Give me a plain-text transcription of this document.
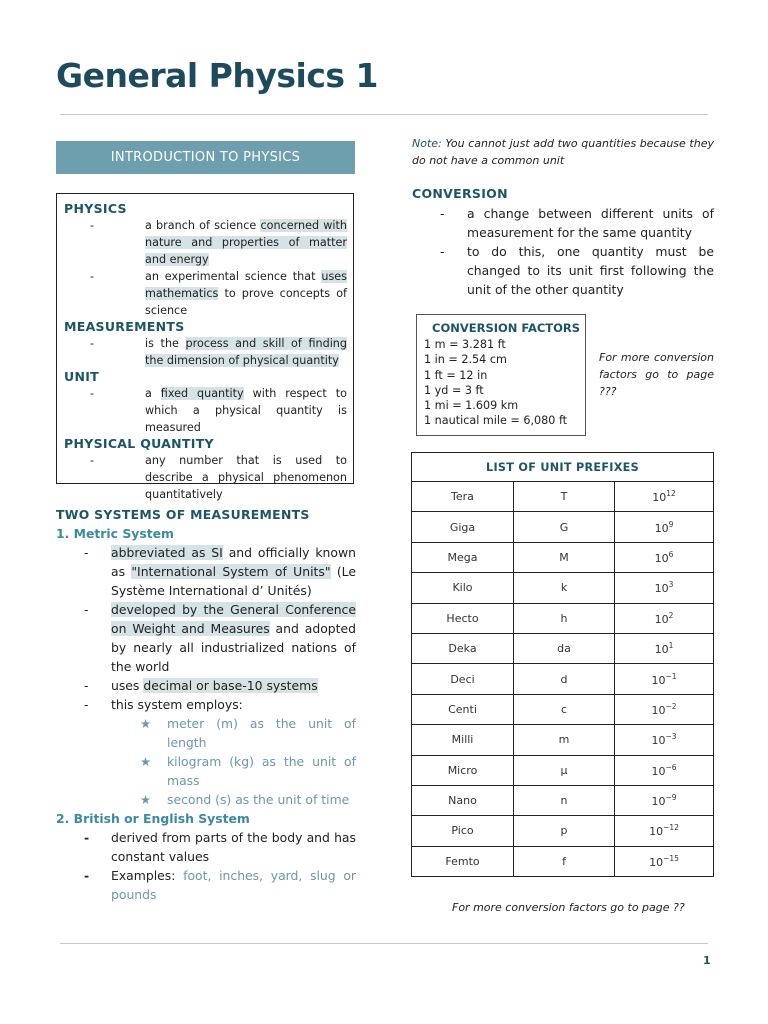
General Physics 1
INTRODUCTION TO PHYSICS
PHYSICS
-	a branch of science concerned with nature and properties of matter and energy
-	an experimental science that uses mathematics to prove concepts of science
MEASUREMENTS
-	is the process and skill of finding the dimension of physical quantity
UNIT
-	a fixed quantity with respect to which a physical quantity is measured
PHYSICAL QUANTITY
-	any number that is used to describe a physical phenomenon quantitatively
TWO SYSTEMS OF MEASUREMENTS
1. Metric System
-	abbreviated as SI and officially known as "International System of Units" (Le Système International d’ Unités)
-	developed by the General Conference on Weight and Measures and adopted by nearly all industrialized nations of the world
-	uses decimal or base-10 systems
-	this system employs:
★	meter (m) as the unit of length
★	kilogram (kg) as the unit of mass
★	second (s) as the unit of time
2. British or English System
-	derived from parts of the body and has constant values
-	Examples: foot, inches, yard, slug or pounds
Note: You cannot just add two quantities because they do not have a common unit
CONVERSION
-	a change between different units of measurement for the same quantity
-	to do this, one quantity must be changed to its unit first following the unit of the other quantity
CONVERSION FACTORS
1 m = 3.281 ft
1 in = 2.54 cm
1 ft = 12 in
1 yd = 3 ft
1 mi = 1.609 km
1 nautical mile = 6,080 ft
For more conversion factors go to page ???
LIST OF UNIT PREFIXES		
Tera	T	$10^{12}$
Giga	G	$10^9$
Mega	M	$10^6$
Kilo	k	$10^3$
Hecto	h	$10^2$
Deka	da	$10^1$
Deci	d	$10^{-1}$
Centi	c	$10^{-2}$
Milli	m	$10^{-3}$
Micro	μ	$10^{-6}$
Nano	n	$10^{-9}$
Pico	p	$10^{-12}$
Femto	f	$10^{-15}$
For more conversion factors go to page ??
1
